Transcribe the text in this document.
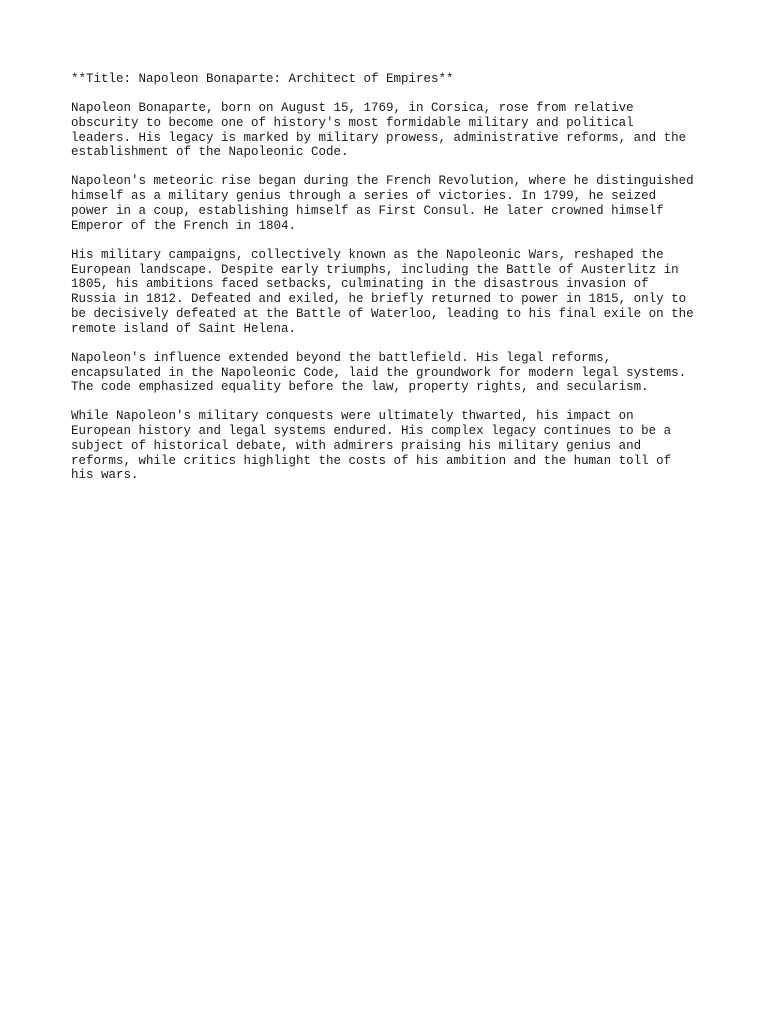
**Title: Napoleon Bonaparte: Architect of Empires**
Napoleon Bonaparte, born on August 15, 1769, in Corsica, rose from relative
obscurity to become one of history's most formidable military and political
leaders. His legacy is marked by military prowess, administrative reforms, and the
establishment of the Napoleonic Code.
Napoleon's meteoric rise began during the French Revolution, where he distinguished
himself as a military genius through a series of victories. In 1799, he seized
power in a coup, establishing himself as First Consul. He later crowned himself
Emperor of the French in 1804.
His military campaigns, collectively known as the Napoleonic Wars, reshaped the
European landscape. Despite early triumphs, including the Battle of Austerlitz in
1805, his ambitions faced setbacks, culminating in the disastrous invasion of
Russia in 1812. Defeated and exiled, he briefly returned to power in 1815, only to
be decisively defeated at the Battle of Waterloo, leading to his final exile on the
remote island of Saint Helena.
Napoleon's influence extended beyond the battlefield. His legal reforms,
encapsulated in the Napoleonic Code, laid the groundwork for modern legal systems.
The code emphasized equality before the law, property rights, and secularism.
While Napoleon's military conquests were ultimately thwarted, his impact on
European history and legal systems endured. His complex legacy continues to be a
subject of historical debate, with admirers praising his military genius and
reforms, while critics highlight the costs of his ambition and the human toll of
his wars.
